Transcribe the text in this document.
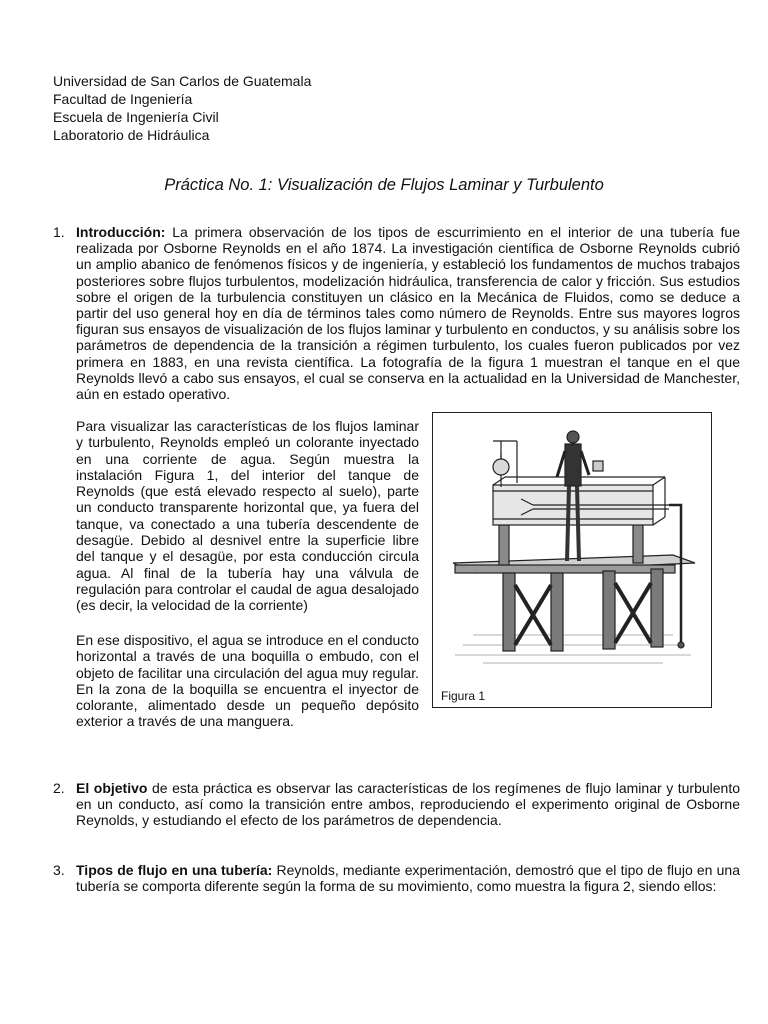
Universidad de San Carlos de Guatemala
Facultad de Ingeniería
Escuela de Ingeniería Civil
Laboratorio de Hidráulica
Práctica No. 1: Visualización de Flujos Laminar y Turbulento
1. Introducción: La primera observación de los tipos de escurrimiento en el interior de una tubería fue realizada por Osborne Reynolds en el año 1874. La investigación científica de Osborne Reynolds cubrió un amplio abanico de fenómenos físicos y de ingeniería, y estableció los fundamentos de muchos trabajos posteriores sobre flujos turbulentos, modelización hidráulica, transferencia de calor y fricción. Sus estudios sobre el origen de la turbulencia constituyen un clásico en la Mecánica de Fluidos, como se deduce a partir del uso general hoy en día de términos tales como número de Reynolds. Entre sus mayores logros figuran sus ensayos de visualización de los flujos laminar y turbulento en conductos, y su análisis sobre los parámetros de dependencia de la transición a régimen turbulento, los cuales fueron publicados por vez primera en 1883, en una revista científica. La fotografía de la figura 1 muestran el tanque en el que Reynolds llevó a cabo sus ensayos, el cual se conserva en la actualidad en la Universidad de Manchester, aún en estado operativo.
Para visualizar las características de los flujos laminar y turbulento, Reynolds empleó un colorante inyectado en una corriente de agua. Según muestra la instalación Figura 1, del interior del tanque de Reynolds (que está elevado respecto al suelo), parte un conducto transparente horizontal que, ya fuera del tanque, va conectado a una tubería descendente de desagüe. Debido al desnivel entre la superficie libre del tanque y el desagüe, por esta conducción circula agua. Al final de la tubería hay una válvula de regulación para controlar el caudal de agua desalojado (es decir, la velocidad de la corriente)
En ese dispositivo, el agua se introduce en el conducto horizontal a través de una boquilla o embudo, con el objeto de facilitar una circulación del agua muy regular. En la zona de la boquilla se encuentra el inyector de colorante, alimentado desde un pequeño depósito exterior a través de una manguera.
Figura 1
2. El objetivo de esta práctica es observar las características de los regímenes de flujo laminar y turbulento en un conducto, así como la transición entre ambos, reproduciendo el experimento original de Osborne Reynolds, y estudiando el efecto de los parámetros de dependencia.
3. Tipos de flujo en una tubería: Reynolds, mediante experimentación, demostró que el tipo de flujo en una tubería se comporta diferente según la forma de su movimiento, como muestra la figura 2, siendo ellos:
